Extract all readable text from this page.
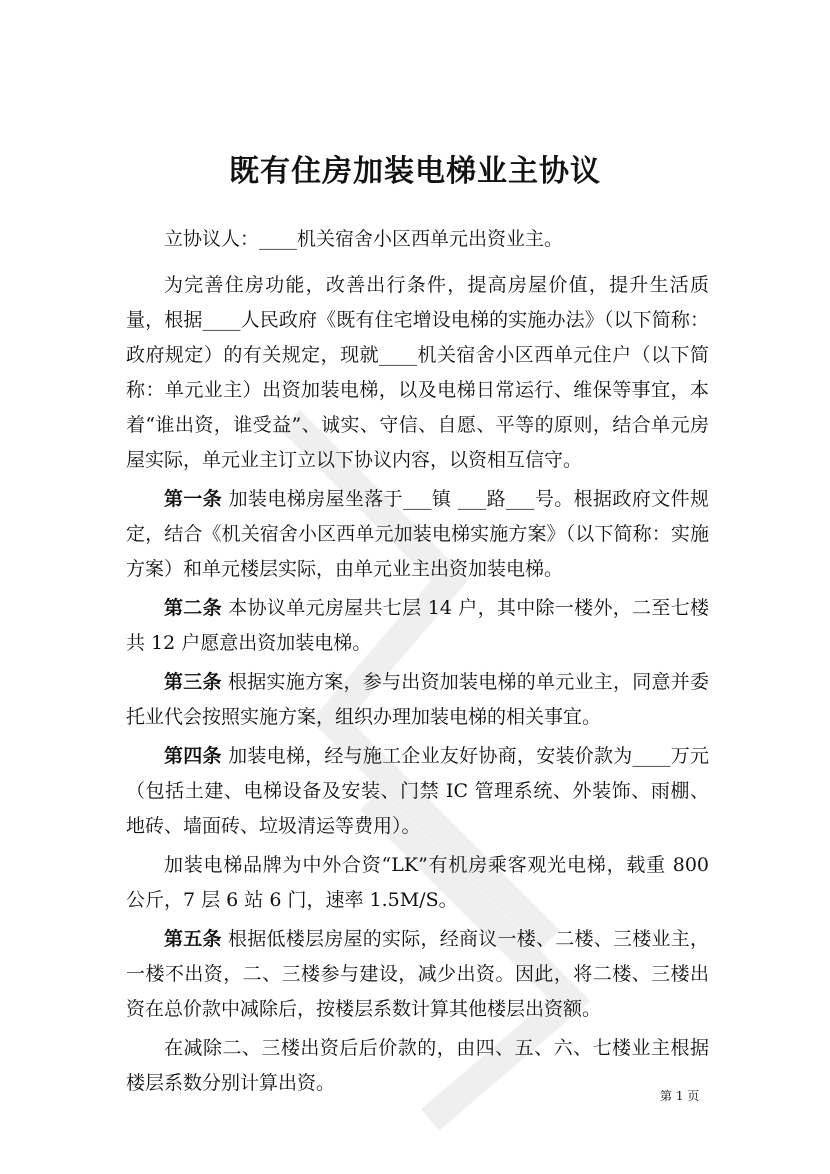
既有住房加装电梯业主协议

立协议人：____机关宿舍小区西单元出资业主。

为完善住房功能，改善出行条件，提高房屋价值，提升生活质量，根据____人民政府《既有住宅增设电梯的实施办法》（以下简称：政府规定）的有关规定，现就____机关宿舍小区西单元住户（以下简称：单元业主）出资加装电梯，以及电梯日常运行、维保等事宜，本着“谁出资，谁受益”、诚实、守信、自愿、平等的原则，结合单元房屋实际，单元业主订立以下协议内容，以资相互信守。

第一条 加装电梯房屋坐落于___镇 ___路___号。根据政府文件规定，结合《机关宿舍小区西单元加装电梯实施方案》（以下简称：实施方案）和单元楼层实际，由单元业主出资加装电梯。

第二条 本协议单元房屋共七层 14 户，其中除一楼外，二至七楼共 12 户愿意出资加装电梯。

第三条 根据实施方案，参与出资加装电梯的单元业主，同意并委托业代会按照实施方案，组织办理加装电梯的相关事宜。

第四条 加装电梯，经与施工企业友好协商，安装价款为____万元（包括土建、电梯设备及安装、门禁 IC 管理系统、外装饰、雨棚、地砖、墙面砖、垃圾清运等费用）。

加装电梯品牌为中外合资“LK”有机房乘客观光电梯，载重 800 公斤，7 层 6 站 6 门，速率 1.5M/S。

第五条 根据低楼层房屋的实际，经商议一楼、二楼、三楼业主，一楼不出资，二、三楼参与建设，减少出资。因此，将二楼、三楼出资在总价款中减除后，按楼层系数计算其他楼层出资额。

在减除二、三楼出资后后价款的，由四、五、六、七楼业主根据楼层系数分别计算出资。

第 1 页
